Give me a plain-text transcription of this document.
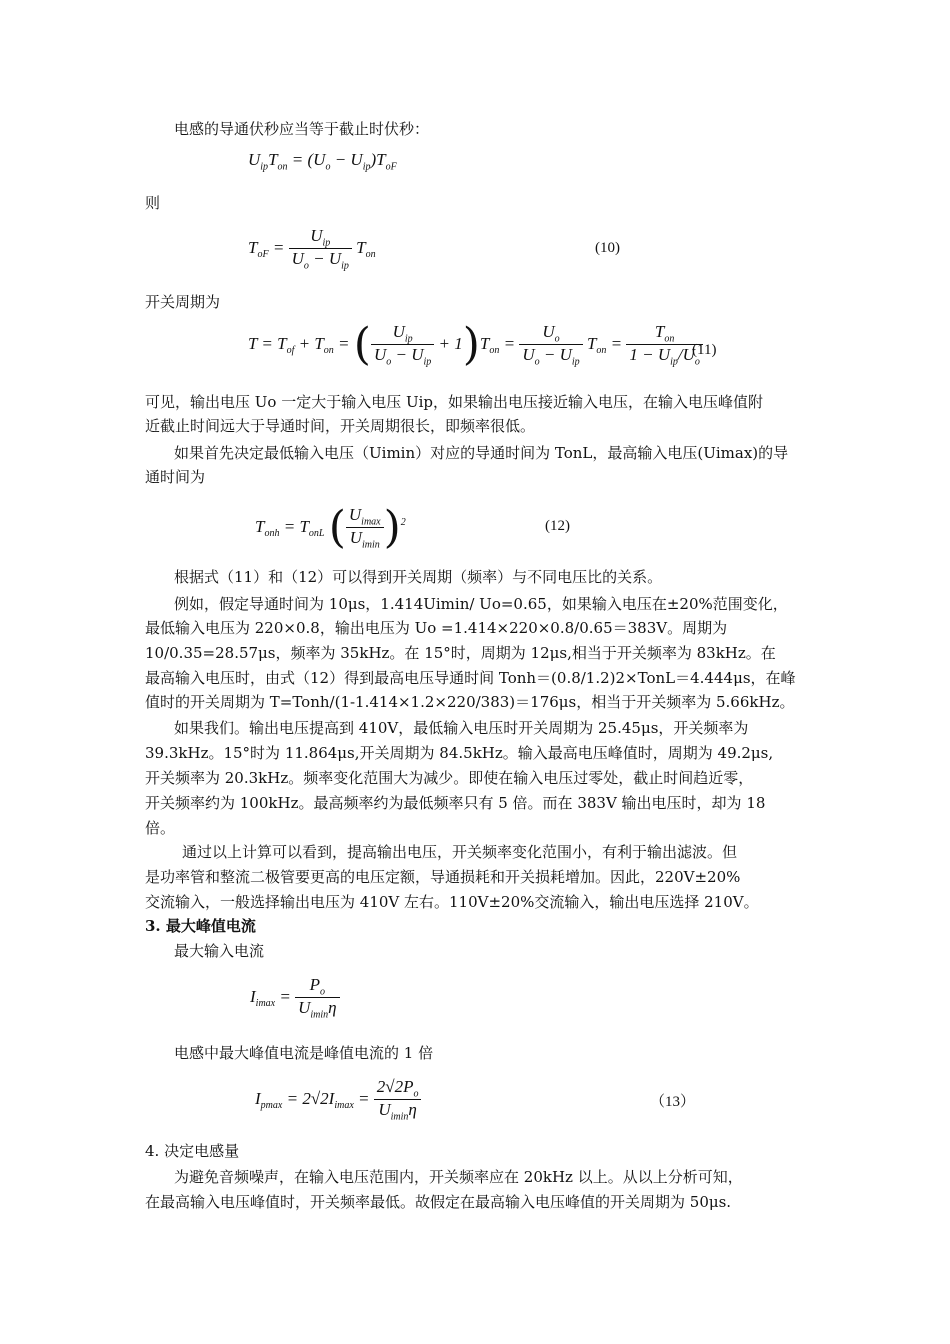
电感的导通伏秒应当等于截止时伏秒：
$U_{ip}T_{on} = (U_o - U_{ip})T_{oF}$
则
$T_{oF} = \frac{U_{ip}}{U_o - U_{ip}} T_{on}$	(10)
开关周期为
$T = T_{of} + T_{on}$ = ( $\frac{U_{ip}}{U_o - U_{ip}} + 1)T_{on} = \frac{U_o}{U_o - U_{ip}} T_{on} = \frac{T_{on}}{1 - U_{ip}/U_o}$
(11)
可见，输出电压 Uo 一定大于输入电压 Uip，如果输出电压接近输入电压，在输入电压峰值附
近截止时间远大于导通时间，开关周期很长，即频率很低。
如果首先决定最低输入电压（Uimin）对应的导通时间为 TonL，最高输入电压(Uimax)的导
通时间为
$T_{onh} = T_{onL}$ ( $\frac{U_{imax}}{U_{imin}} )^2$	(12)
根据式（11）和（12）可以得到开关周期（频率）与不同电压比的关系。
例如，假定导通时间为 10μs，1.414Uimin/ Uo=0.65，如果输入电压在±20%范围变化，
最低输入电压为 220×0.8，输出电压为 Uo =1.414×220×0.8/0.65＝383V。周期为
10/0.35=28.57μs，频率为 35kHz。在 15°时，周期为 12μs,相当于开关频率为 83kHz。在
最高输入电压时，由式（12）得到最高电压导通时间 Tonh＝(0.8/1.2)2×TonL＝4.444μs，在峰
值时的开关周期为 T=Tonh/(1-1.414×1.2×220/383)＝176μs，相当于开关频率为 5.66kHz。
如果我们。输出电压提高到 410V，最低输入电压时开关周期为 25.45μs，开关频率为
39.3kHz。15°时为 11.864μs,开关周期为 84.5kHz。输入最高电压峰值时，周期为 49.2μs,
开关频率为 20.3kHz。频率变化范围大为减少。即使在输入电压过零处，截止时间趋近零，
开关频率约为 100kHz。最高频率约为最低频率只有 5 倍。而在 383V 输出电压时，却为 18
倍。
通过以上计算可以看到，提高输出电压，开关频率变化范围小，有利于输出滤波。但
是功率管和整流二极管要更高的电压定额，导通损耗和开关损耗增加。因此，220V±20%
交流输入，一般选择输出电压为 410V 左右。110V±20%交流输入，输出电压选择 210V。
3. 最大峰值电流
最大输入电流
$I_{imax} = \frac{P_o}{U_{imin}\eta}$
电感中最大峰值电流是峰值电流的 1 倍
$I_{pmax} = 2√2I_{imax} = \frac{2√2P_o}{U_{imin}\eta}$	（13）
4. 决定电感量
为避免音频噪声，在输入电压范围内，开关频率应在 20kHz 以上。从以上分析可知，
在最高输入电压峰值时，开关频率最低。故假定在最高输入电压峰值的开关周期为 50μs.
